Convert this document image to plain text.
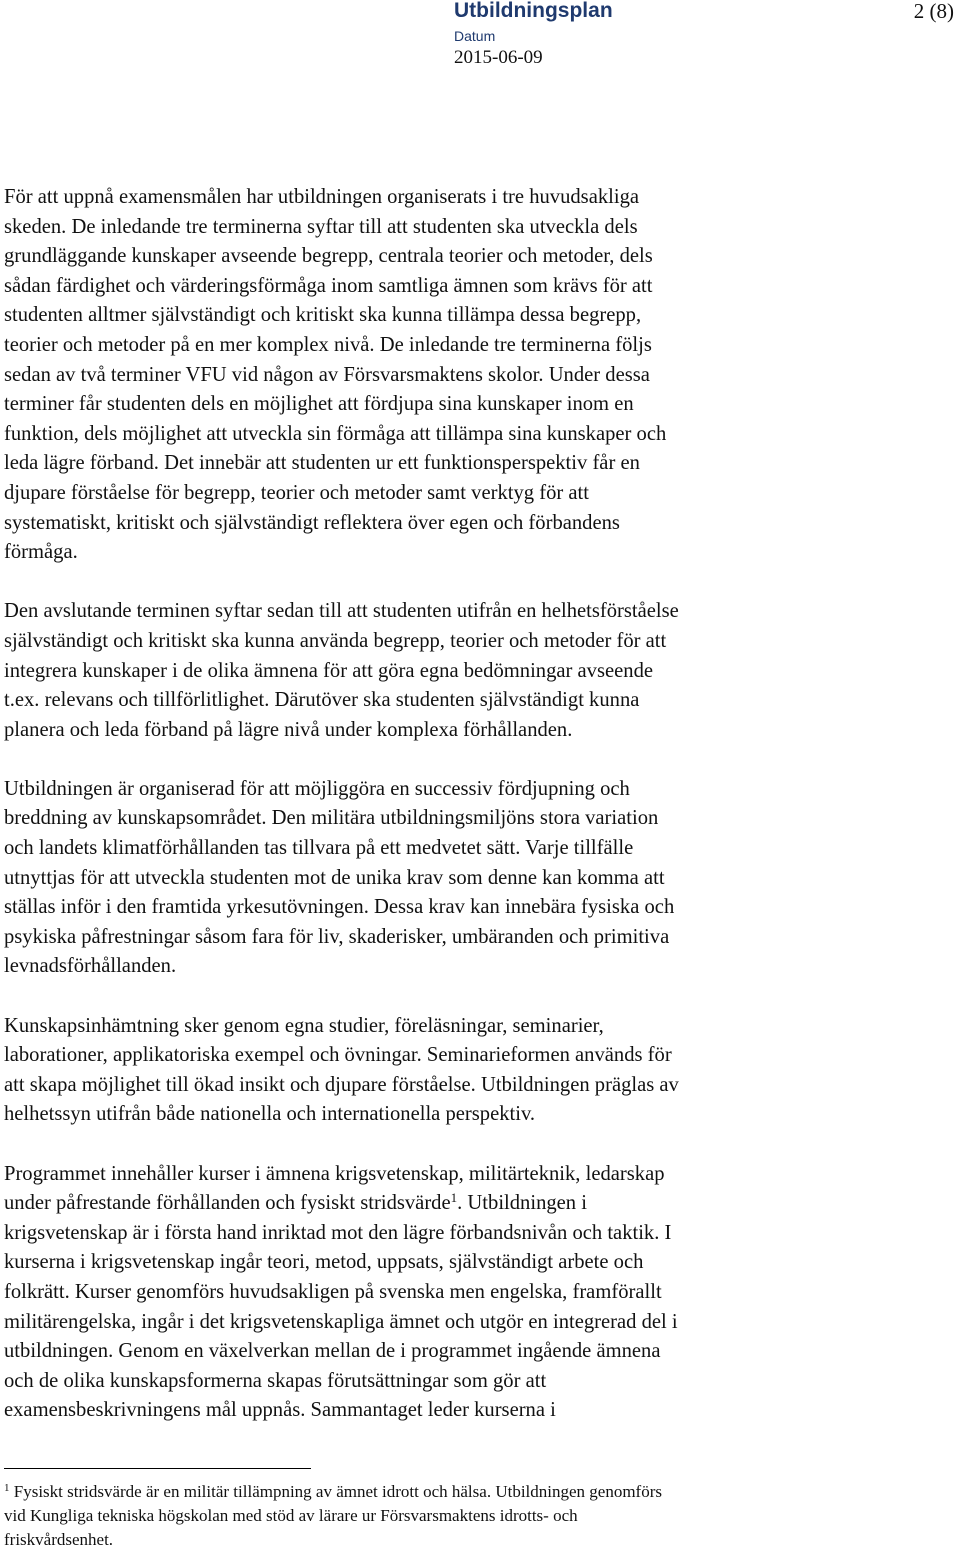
Utbildningsplan	2 (8)
Datum
2015-06-09

För att uppnå examensmålen har utbildningen organiserats i tre huvudsakliga
skeden. De inledande tre terminerna syftar till att studenten ska utveckla dels
grundläggande kunskaper avseende begrepp, centrala teorier och metoder, dels
sådan färdighet och värderingsförmåga inom samtliga ämnen som krävs för att
studenten alltmer självständigt och kritiskt ska kunna tillämpa dessa begrepp,
teorier och metoder på en mer komplex nivå. De inledande tre terminerna följs
sedan av två terminer VFU vid någon av Försvarsmaktens skolor. Under dessa
terminer får studenten dels en möjlighet att fördjupa sina kunskaper inom en
funktion, dels möjlighet att utveckla sin förmåga att tillämpa sina kunskaper och
leda lägre förband. Det innebär att studenten ur ett funktionsperspektiv får en
djupare förståelse för begrepp, teorier och metoder samt verktyg för att
systematiskt, kritiskt och självständigt reflektera över egen och förbandens
förmåga.

Den avslutande terminen syftar sedan till att studenten utifrån en helhetsförståelse
självständigt och kritiskt ska kunna använda begrepp, teorier och metoder för att
integrera kunskaper i de olika ämnena för att göra egna bedömningar avseende
t.ex. relevans och tillförlitlighet. Därutöver ska studenten självständigt kunna
planera och leda förband på lägre nivå under komplexa förhållanden.

Utbildningen är organiserad för att möjliggöra en successiv fördjupning och
breddning av kunskapsområdet. Den militära utbildningsmiljöns stora variation
och landets klimatförhållanden tas tillvara på ett medvetet sätt. Varje tillfälle
utnyttjas för att utveckla studenten mot de unika krav som denne kan komma att
ställas inför i den framtida yrkesutövningen. Dessa krav kan innebära fysiska och
psykiska påfrestningar såsom fara för liv, skaderisker, umbäranden och primitiva
levnadsförhållanden.

Kunskapsinhämtning sker genom egna studier, föreläsningar, seminarier,
laborationer, applikatoriska exempel och övningar. Seminarieformen används för
att skapa möjlighet till ökad insikt och djupare förståelse. Utbildningen präglas av
helhetssyn utifrån både nationella och internationella perspektiv.

Programmet innehåller kurser i ämnena krigsvetenskap, militärteknik, ledarskap
under påfrestande förhållanden och fysiskt stridsvärde$^1$. Utbildningen i
krigsvetenskap är i första hand inriktad mot den lägre förbandsnivån och taktik. I
kurserna i krigsvetenskap ingår teori, metod, uppsats, självständigt arbete och
folkrätt. Kurser genomförs huvudsakligen på svenska men engelska, framförallt
militärengelska, ingår i det krigsvetenskapliga ämnet och utgör en integrerad del i
utbildningen. Genom en växelverkan mellan de i programmet ingående ämnena
och de olika kunskapsformerna skapas förutsättningar som gör att
examensbeskrivningens mål uppnås. Sammantaget leder kurserna i

$^1$ Fysiskt stridsvärde är en militär tillämpning av ämnet idrott och hälsa. Utbildningen genomförs
vid Kungliga tekniska högskolan med stöd av lärare ur Försvarsmaktens idrotts- och
friskvårdsenhet.
